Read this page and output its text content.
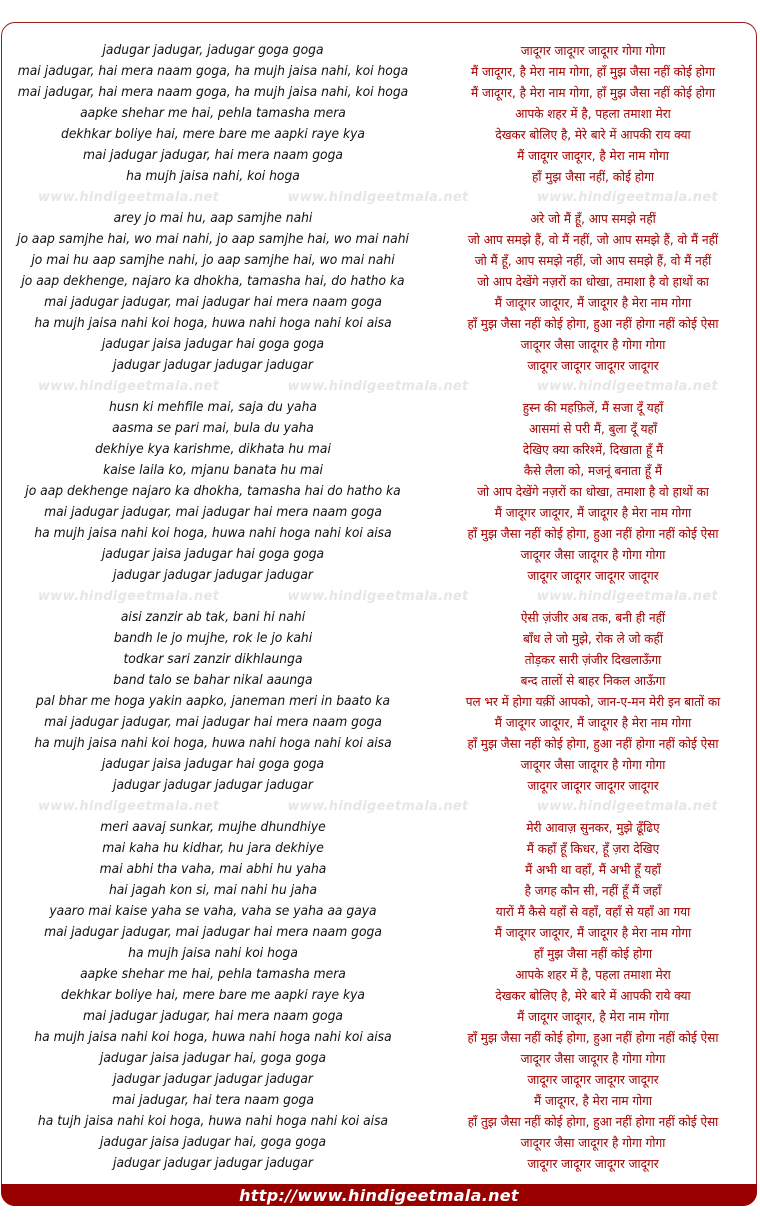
jadugar jadugar, jadugar goga goga	जादूगर जादूगर जादूगर गोगा गोगा
mai jadugar, hai mera naam goga, ha mujh jaisa nahi, koi hoga	मैं जादूगर, है मेरा नाम गोगा, हाँ मुझ जैसा नहीं कोई होगा
mai jadugar, hai mera naam goga, ha mujh jaisa nahi, koi hoga	मैं जादूगर, है मेरा नाम गोगा, हाँ मुझ जैसा नहीं कोई होगा
aapke shehar me hai, pehla tamasha mera	आपके शहर में है, पहला तमाशा मेरा
dekhkar boliye hai, mere bare me aapki raye kya	देखकर बोलिए है, मेरे बारे में आपकी राय क्या
mai jadugar jadugar, hai mera naam goga	मैं जादूगर जादूगर, है मेरा नाम गोगा
ha mujh jaisa nahi, koi hoga	हाँ मुझ जैसा नहीं, कोई होगा
www.hindigeetmala.net	www.hindigeetmala.net	www.hindigeetmala.net
arey jo mai hu, aap samjhe nahi	अरे जो मैं हूँ, आप समझे नहीं
jo aap samjhe hai, wo mai nahi, jo aap samjhe hai, wo mai nahi	जो आप समझे हैं, वो मैं नहीं, जो आप समझे हैं, वो मैं नहीं
jo mai hu aap samjhe nahi, jo aap samjhe hai, wo mai nahi	जो मैं हूँ, आप समझे नहीं, जो आप समझे हैं, वो मैं नहीं
jo aap dekhenge, najaro ka dhokha, tamasha hai, do hatho ka	जो आप देखेंगे नज़रों का धोखा, तमाशा है वो हाथों का
mai jadugar jadugar, mai jadugar hai mera naam goga	मैं जादूगर जादूगर, मैं जादूगर है मेरा नाम गोगा
ha mujh jaisa nahi koi hoga, huwa nahi hoga nahi koi aisa	हाँ मुझ जैसा नहीं कोई होगा, हुआ नहीं होगा नहीं कोई ऐसा
jadugar jaisa jadugar hai goga goga	जादूगर जैसा जादूगर है गोगा गोगा
jadugar jadugar jadugar jadugar	जादूगर जादूगर जादूगर जादूगर
www.hindigeetmala.net	www.hindigeetmala.net	www.hindigeetmala.net
husn ki mehfile mai, saja du yaha	हुस्न की महफ़िलें, मैं सजा दूँ यहाँ
aasma se pari mai, bula du yaha	आसमां से परी मैं, बुला दूँ यहाँ
dekhiye kya karishme, dikhata hu mai	देखिए क्या करिश्में, दिखाता हूँ मैं
kaise laila ko, mjanu banata hu mai	कैसे लैला को, मजनूं बनाता हूँ मैं
jo aap dekhenge najaro ka dhokha, tamasha hai do hatho ka	जो आप देखेंगे नज़रों का धोखा, तमाशा है वो हाथों का
mai jadugar jadugar, mai jadugar hai mera naam goga	मैं जादूगर जादूगर, मैं जादूगर है मेरा नाम गोगा
ha mujh jaisa nahi koi hoga, huwa nahi hoga nahi koi aisa	हाँ मुझ जैसा नहीं कोई होगा, हुआ नहीं होगा नहीं कोई ऐसा
jadugar jaisa jadugar hai goga goga	जादूगर जैसा जादूगर है गोगा गोगा
jadugar jadugar jadugar jadugar	जादूगर जादूगर जादूगर जादूगर
www.hindigeetmala.net	www.hindigeetmala.net	www.hindigeetmala.net
aisi zanzir ab tak, bani hi nahi	ऐसी ज़ंजीर अब तक, बनी ही नहीं
bandh le jo mujhe, rok le jo kahi	बाँध ले जो मुझे, रोक ले जो कहीं
todkar sari zanzir dikhlaunga	तोड़कर सारी ज़ंजीर दिखलाऊँगा
band talo se bahar nikal aaunga	बन्द तालों से बाहर निकल आऊँगा
pal bhar me hoga yakin aapko, janeman meri in baato ka	पल भर में होगा यक़ीं आपको, जान-ए-मन मेरी इन बातों का
mai jadugar jadugar, mai jadugar hai mera naam goga	मैं जादूगर जादूगर, मैं जादूगर है मेरा नाम गोगा
ha mujh jaisa nahi koi hoga, huwa nahi hoga nahi koi aisa	हाँ मुझ जैसा नहीं कोई होगा, हुआ नहीं होगा नहीं कोई ऐसा
jadugar jaisa jadugar hai goga goga	जादूगर जैसा जादूगर है गोगा गोगा
jadugar jadugar jadugar jadugar	जादूगर जादूगर जादूगर जादूगर
www.hindigeetmala.net	www.hindigeetmala.net	www.hindigeetmala.net
meri aavaj sunkar, mujhe dhundhiye	मेरी आवाज़ सुनकर, मुझे ढूँढिए
mai kaha hu kidhar, hu jara dekhiye	मैं कहाँ हूँ किधर, हूँ ज़रा देखिए
mai abhi tha vaha, mai abhi hu yaha	मैं अभी था वहाँ, मैं अभी हूँ यहाँ
hai jagah kon si, mai nahi hu jaha	है जगह कौन सी, नहीं हूँ मैं जहाँ
yaaro mai kaise yaha se vaha, vaha se yaha aa gaya	यारों मैं कैसे यहाँ से वहाँ, वहाँ से यहाँ आ गया
mai jadugar jadugar, mai jadugar hai mera naam goga	मैं जादूगर जादूगर, मैं जादूगर है मेरा नाम गोगा
ha mujh jaisa nahi koi hoga	हाँ मुझ जैसा नहीं कोई होगा
aapke shehar me hai, pehla tamasha mera	आपके शहर में है, पहला तमाशा मेरा
dekhkar boliye hai, mere bare me aapki raye kya	देखकर बोलिए है, मेरे बारे में आपकी राये क्या
mai jadugar jadugar, hai mera naam goga	मैं जादूगर जादूगर, है मेरा नाम गोगा
ha mujh jaisa nahi koi hoga, huwa nahi hoga nahi koi aisa	हाँ मुझ जैसा नहीं कोई होगा, हुआ नहीं होगा नहीं कोई ऐसा
jadugar jaisa jadugar hai, goga goga	जादूगर जैसा जादूगर है गोगा गोगा
jadugar jadugar jadugar jadugar	जादूगर जादूगर जादूगर जादूगर
mai jadugar, hai tera naam goga	मैं जादूगर, है मेरा नाम गोगा
ha tujh jaisa nahi koi hoga, huwa nahi hoga nahi koi aisa	हाँ तुझ जैसा नहीं कोई होगा, हुआ नहीं होगा नहीं कोई ऐसा
jadugar jaisa jadugar hai, goga goga	जादूगर जैसा जादूगर है गोगा गोगा
jadugar jadugar jadugar jadugar	जादूगर जादूगर जादूगर जादूगर
http://www.hindigeetmala.net
